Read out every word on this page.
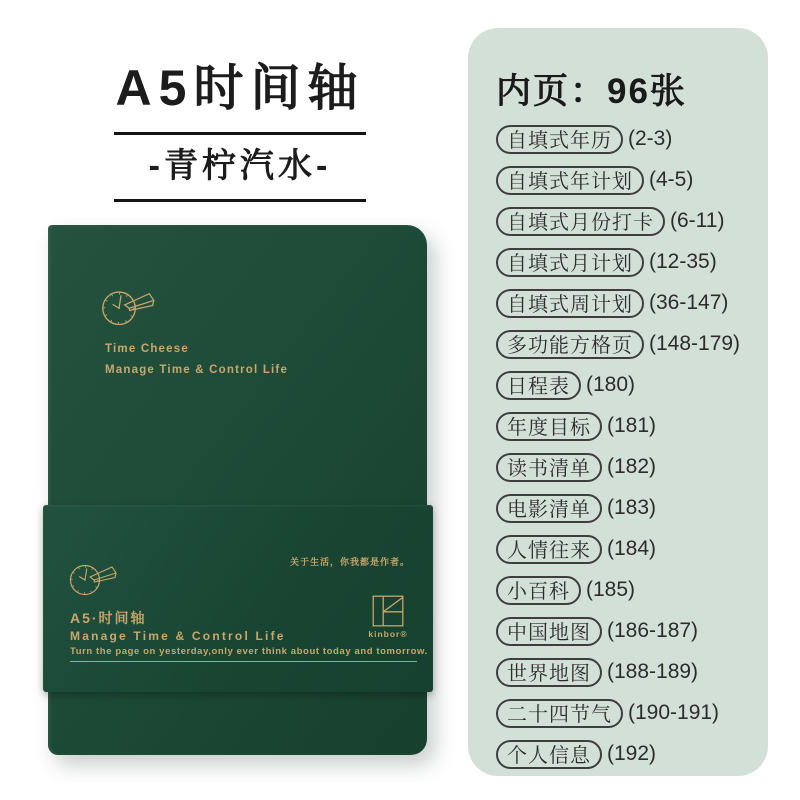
A5时间轴
-青柠汽水-
Time Cheese
Manage Time & Control Life
关于生活，你我都是作者。
A5·时间轴
Manage Time & Control Life
Turn the page on yesterday,only ever think about today and tomorrow.
kinbor®
内页：96张
自填式年历 (2-3)
自填式年计划 (4-5)
自填式月份打卡 (6-11)
自填式月计划 (12-35)
自填式周计划 (36-147)
多功能方格页 (148-179)
日程表 (180)
年度目标 (181)
读书清单 (182)
电影清单 (183)
人情往来 (184)
小百科 (185)
中国地图 (186-187)
世界地图 (188-189)
二十四节气 (190-191)
个人信息 (192)
